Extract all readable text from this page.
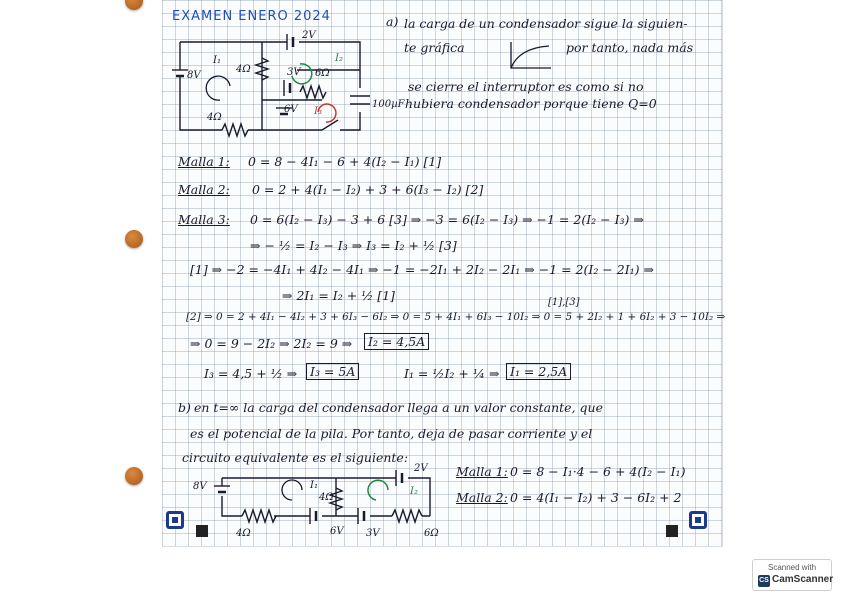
EXAMEN ENERO 2024	a) la carga de un condensador sigue la siguien-
te gráfica	por tanto, nada más
se cierre el interruptor es como si no
100µF hubiera condensador porque tiene Q=0
2V
8V
I₁
4Ω	3V 6Ω
I₂
6V I₃
4Ω
Malla 1: 0 = 8 − 4I₁ − 6 + 4(I₂ − I₁) [1]
Malla 2: 0 = 2 + 4(I₁ − I₂) + 3 + 6(I₃ − I₂) [2]
Malla 3: 0 = 6(I₂ − I₃) − 3 + 6 [3] ⇒ −3 = 6(I₂ − I₃) ⇒ −1 = 2(I₂ − I₃) ⇒
⇒ − ½ = I₂ − I₃ ⇒ I₃ = I₂ + ½ [3]
[1] ⇒ −2 = −4I₁ + 4I₂ − 4I₁ ⇒ −1 = −2I₁ + 2I₂ − 2I₁ ⇒ −1 = 2(I₂ − 2I₁) ⇒
⇒ 2I₁ = I₂ + ½ [1]	[1],[3]
[2] ⇒ 0 = 2 + 4I₁ − 4I₂ + 3 + 6I₃ − 6I₂ ⇒ 0 = 5 + 4I₁ + 6I₃ − 10I₂ ⇒ 0 = 5 + 2I₂ + 1 + 6I₂ + 3 − 10I₂ ⇒
⇒ 0 = 9 − 2I₂ ⇒ 2I₂ = 9 ⇒	I₂ = 4,5A
I₃ = 4,5 + ½ ⇒	I₃ = 5A	I₁ = ½I₂ + ¼ ⇒ I₁ = 2,5A
b) en t=∞ la carga del condensador llega a un valor constante, que
es el potencial de la pila. Por tanto, deja de pasar corriente y el
circuito equivalente es el siguiente:
8V
2V
I₁
4Ω
I₂
4Ω	6V 3V	6Ω
Malla 1: 0 = 8 − I₁·4 − 6 + 4(I₂ − I₁)
Malla 2: 0 = 4(I₁ − I₂) + 3 − 6I₂ + 2
Scanned with
CS CamScanner
